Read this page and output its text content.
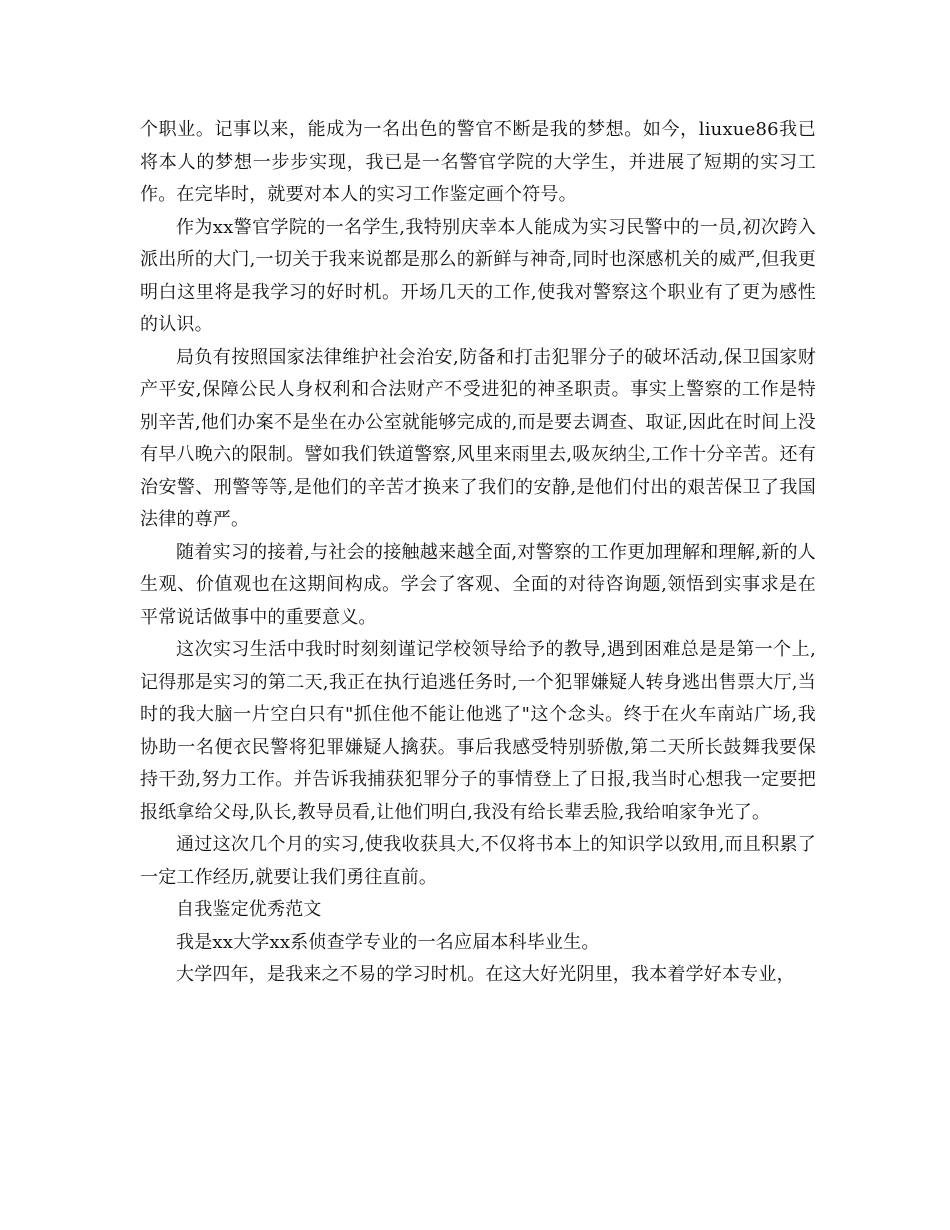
个职业。记事以来，能成为一名出色的警官不断是我的梦想。如今，liuxue86我已将本人的梦想一步步实现，我已是一名警官学院的大学生，并进展了短期的实习工作。在完毕时，就要对本人的实习工作鉴定画个符号。

作为xx警官学院的一名学生,我特别庆幸本人能成为实习民警中的一员,初次跨入派出所的大门,一切关于我来说都是那么的新鲜与神奇,同时也深感机关的威严,但我更明白这里将是我学习的好时机。开场几天的工作,使我对警察这个职业有了更为感性的认识。

局负有按照国家法律维护社会治安,防备和打击犯罪分子的破坏活动,保卫国家财产平安,保障公民人身权利和合法财产不受进犯的神圣职责。事实上警察的工作是特别辛苦,他们办案不是坐在办公室就能够完成的,而是要去调查、取证,因此在时间上没有早八晚六的限制。譬如我们铁道警察,风里来雨里去,吸灰纳尘,工作十分辛苦。还有治安警、刑警等等,是他们的辛苦才换来了我们的安静,是他们付出的艰苦保卫了我国法律的尊严。

随着实习的接着,与社会的接触越来越全面,对警察的工作更加理解和理解,新的人生观、价值观也在这期间构成。学会了客观、全面的对待咨询题,领悟到实事求是在平常说话做事中的重要意义。

这次实习生活中我时时刻刻谨记学校领导给予的教导,遇到困难总是是第一个上,记得那是实习的第二天,我正在执行追逃任务时,一个犯罪嫌疑人转身逃出售票大厅,当时的我大脑一片空白只有"抓住他不能让他逃了"这个念头。终于在火车南站广场,我协助一名便衣民警将犯罪嫌疑人擒获。事后我感受特别骄傲,第二天所长鼓舞我要保持干劲,努力工作。并告诉我捕获犯罪分子的事情登上了日报,我当时心想我一定要把报纸拿给父母,队长,教导员看,让他们明白,我没有给长辈丢脸,我给咱家争光了。

通过这次几个月的实习,使我收获具大,不仅将书本上的知识学以致用,而且积累了一定工作经历,就要让我们勇往直前。

自我鉴定优秀范文

我是xx大学xx系侦查学专业的一名应届本科毕业生。

大学四年，是我来之不易的学习时机。在这大好光阴里，我本着学好本专业，
